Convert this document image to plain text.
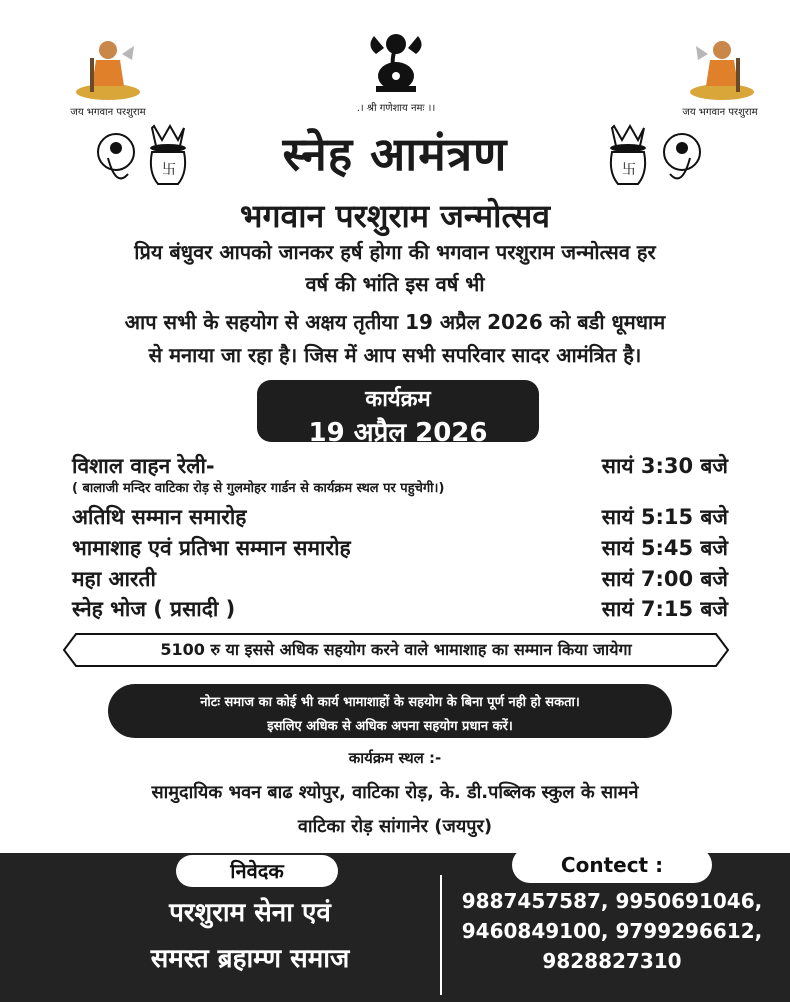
जय भगवान परशुराम	जय भगवान परशुराम
.। श्री गणेशाय नमः ।।
卐	卐
स्नेह आमंत्रण
भगवान परशुराम जन्मोत्सव
प्रिय बंधुवर आपको जानकर हर्ष होगा की भगवान परशुराम जन्मोत्सव हर
वर्ष की भांति इस वर्ष भी
आप सभी के सहयोग से अक्षय तृतीया 19 अप्रैल 2026 को बडी धूमधाम
से मनाया जा रहा है। जिस में आप सभी सपरिवार सादर आमंत्रित है।
कार्यक्रम
19 अप्रैल 2026
विशाल वाहन रेली-	सायं 3:30 बजे
( बालाजी मन्दिर वाटिका रोड़ से गुलमोहर गार्डन से कार्यक्रम स्थल पर पहुचेगी।)
अतिथि सम्मान समारोह	सायं 5:15 बजे
भामाशाह एवं प्रतिभा सम्मान समारोह	सायं 5:45 बजे
महा आरती	सायं 7:00 बजे
स्नेह भोज ( प्रसादी )	सायं 7:15 बजे
5100 रु या इससे अधिक सहयोग करने वाले भामाशाह का सम्मान किया जायेगा
नोटः समाज का कोई भी कार्य भामाशाहों के सहयोग के बिना पूर्ण नही हो सकता।
इसलिए अधिक से अधिक अपना सहयोग प्रधान करें।
कार्यक्रम स्थल :-
सामुदायिक भवन बाढ श्योपुर, वाटिका रोड़, के. डी.पब्लिक स्कुल के सामने
वाटिका रोड़ सांगानेर (जयपुर)
निवेदक
परशुराम सेना एवं
समस्त ब्रहाम्ण समाज
Contect :
9887457587, 9950691046,
9460849100, 9799296612,
9828827310
